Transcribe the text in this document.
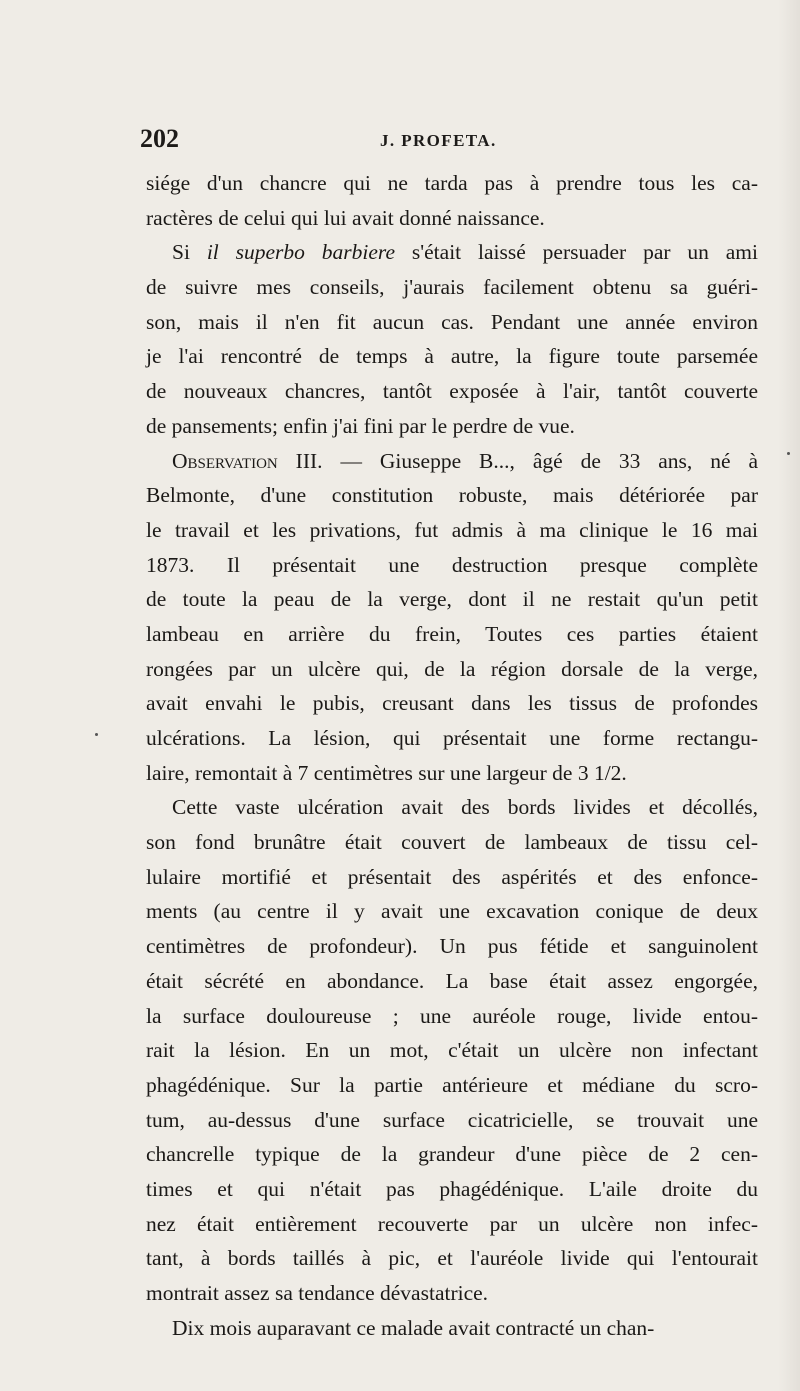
202	J. PROFETA.
siége d'un chancre qui ne tarda pas à prendre tous les ca-
ractères de celui qui lui avait donné naissance.
Si il superbo barbiere s'était laissé persuader par un ami
de suivre mes conseils, j'aurais facilement obtenu sa guéri-
son, mais il n'en fit aucun cas. Pendant une année environ
je l'ai rencontré de temps à autre, la figure toute parsemée
de nouveaux chancres, tantôt exposée à l'air, tantôt couverte
de pansements; enfin j'ai fini par le perdre de vue.
Observation III. — Giuseppe B..., âgé de 33 ans, né à
Belmonte, d'une constitution robuste, mais détériorée par
le travail et les privations, fut admis à ma clinique le 16 mai
1873. Il présentait une destruction presque complète
de toute la peau de la verge, dont il ne restait qu'un petit
lambeau en arrière du frein, Toutes ces parties étaient
rongées par un ulcère qui, de la région dorsale de la verge,
avait envahi le pubis, creusant dans les tissus de profondes
ulcérations. La lésion, qui présentait une forme rectangu-
laire, remontait à 7 centimètres sur une largeur de 3 1/2.
Cette vaste ulcération avait des bords livides et décollés,
son fond brunâtre était couvert de lambeaux de tissu cel-
lulaire mortifié et présentait des aspérités et des enfonce-
ments (au centre il y avait une excavation conique de deux
centimètres de profondeur). Un pus fétide et sanguinolent
était sécrété en abondance. La base était assez engorgée,
la surface douloureuse ; une auréole rouge, livide entou-
rait la lésion. En un mot, c'était un ulcère non infectant
phagédénique. Sur la partie antérieure et médiane du scro-
tum, au-dessus d'une surface cicatricielle, se trouvait une
chancrelle typique de la grandeur d'une pièce de 2 cen-
times et qui n'était pas phagédénique. L'aile droite du
nez était entièrement recouverte par un ulcère non infec-
tant, à bords taillés à pic, et l'auréole livide qui l'entourait
montrait assez sa tendance dévastatrice.
Dix mois auparavant ce malade avait contracté un chan-
